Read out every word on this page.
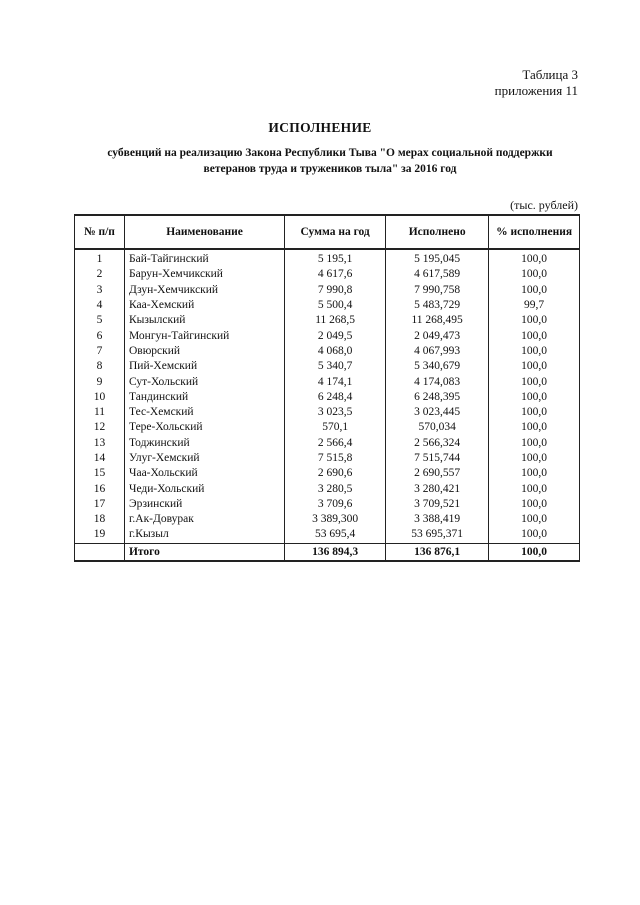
Таблица 3
приложения 11
ИСПОЛНЕНИЕ
субвенций на реализацию Закона Республики Тыва "О мерах социальной поддержки
ветеранов труда и тружеников тыла" за 2016 год
(тыс. рублей)
№ п/п	Наименование	Сумма на год	Исполнено	% исполнения
1	Бай-Тайгинский	5 195,1	5 195,045	100,0
2	Барун-Хемчикский	4 617,6	4 617,589	100,0
3	Дзун-Хемчикский	7 990,8	7 990,758	100,0
4	Каа-Хемский	5 500,4	5 483,729	99,7
5	Кызылский	11 268,5	11 268,495	100,0
6	Монгун-Тайгинский	2 049,5	2 049,473	100,0
7	Овюрский	4 068,0	4 067,993	100,0
8	Пий-Хемский	5 340,7	5 340,679	100,0
9	Сут-Хольский	4 174,1	4 174,083	100,0
10	Тандинский	6 248,4	6 248,395	100,0
11	Тес-Хемский	3 023,5	3 023,445	100,0
12	Тере-Хольский	570,1	570,034	100,0
13	Тоджинский	2 566,4	2 566,324	100,0
14	Улуг-Хемский	7 515,8	7 515,744	100,0
15	Чаа-Хольский	2 690,6	2 690,557	100,0
16	Чеди-Хольский	3 280,5	3 280,421	100,0
17	Эрзинский	3 709,6	3 709,521	100,0
18	г.Ак-Довурак	3 389,300	3 388,419	100,0
19	г.Кызыл	53 695,4	53 695,371	100,0
	Итого	136 894,3	136 876,1	100,0
